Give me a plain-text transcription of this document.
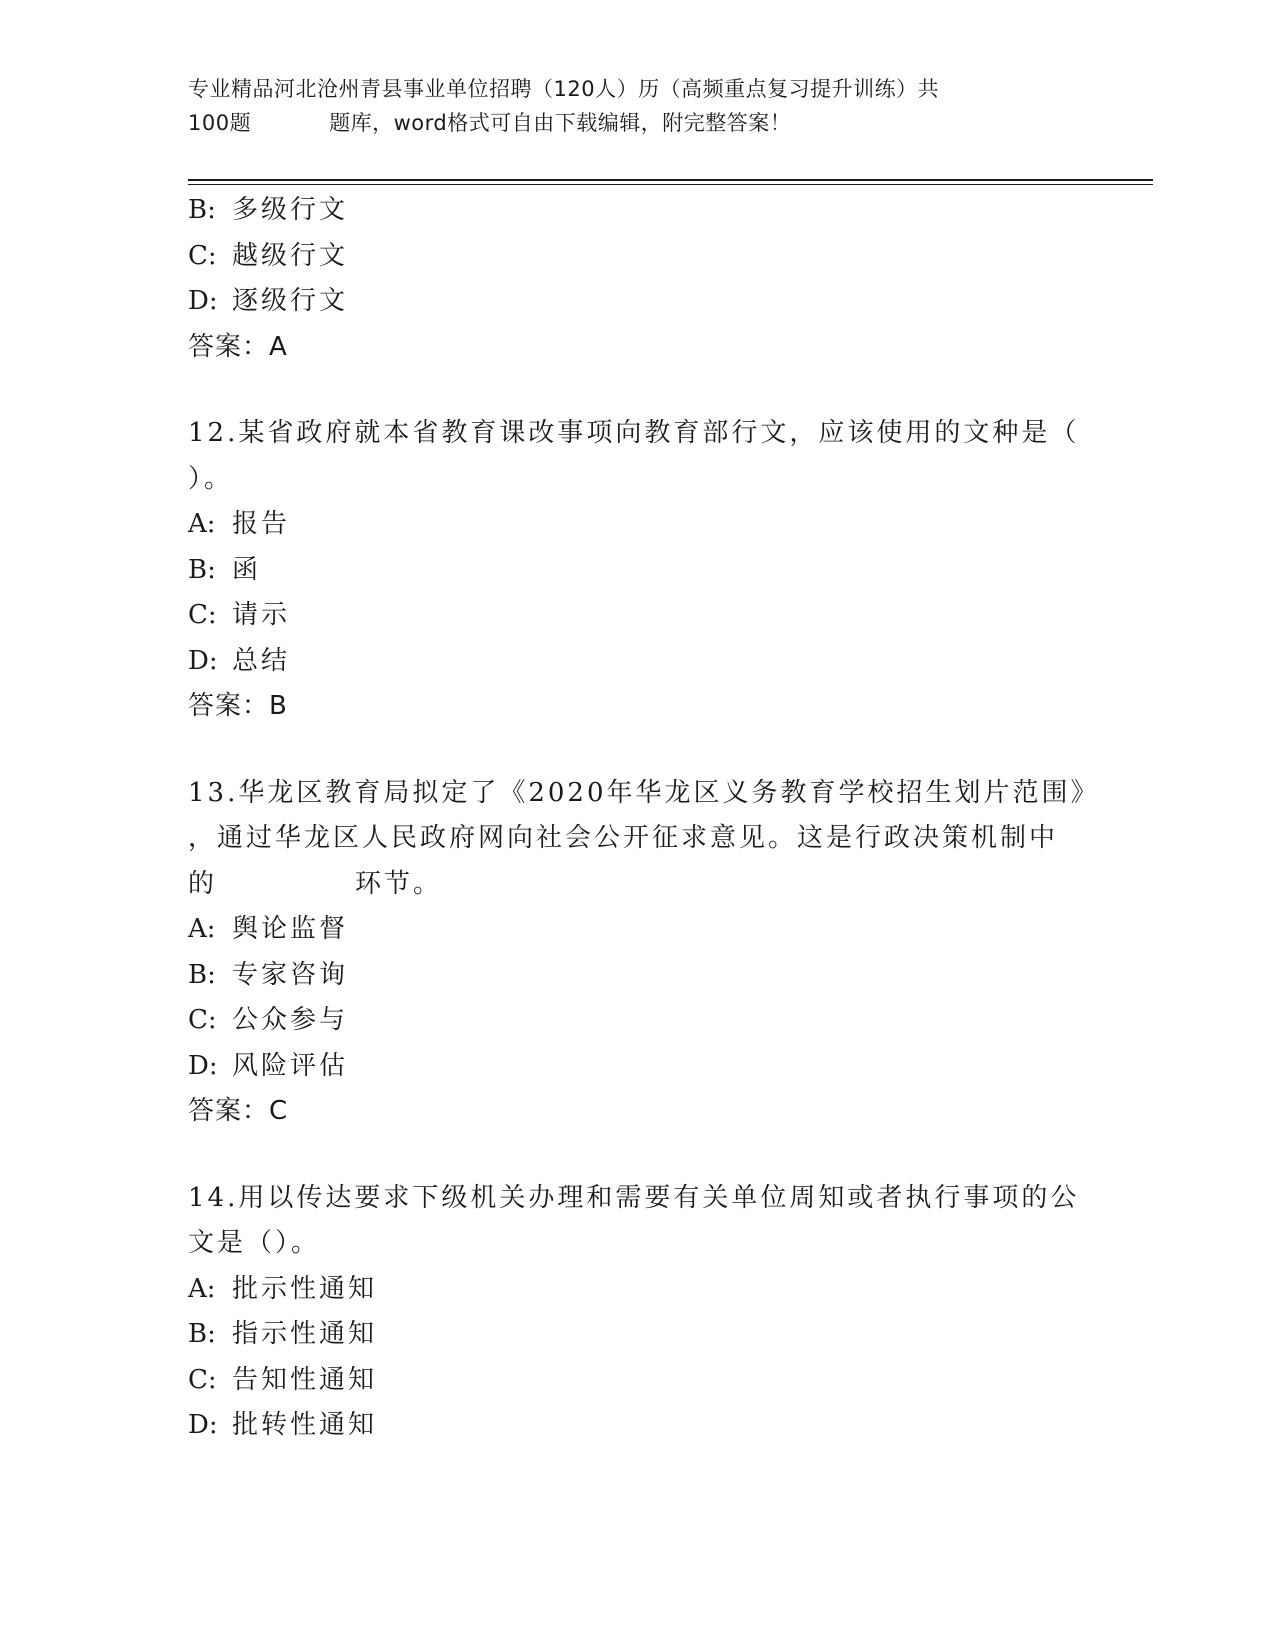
专业精品河北沧州青县事业单位招聘（120人）历（高频重点复习提升训练）共
100题	题库，word格式可自由下载编辑，附完整答案！
B: 多级行文
C: 越级行文
D: 逐级行文
答案：A
12.某省政府就本省教育课改事项向教育部行文，应该使用的文种是（
）。
A: 报告
B: 函
C: 请示
D: 总结
答案：B
13.华龙区教育局拟定了《2020年华龙区义务教育学校招生划片范围》
，通过华龙区人民政府网向社会公开征求意见。这是行政决策机制中
的	环节。
A: 舆论监督
B: 专家咨询
C: 公众参与
D: 风险评估
答案：C
14.用以传达要求下级机关办理和需要有关单位周知或者执行事项的公
文是（）。
A: 批示性通知
B: 指示性通知
C: 告知性通知
D: 批转性通知
